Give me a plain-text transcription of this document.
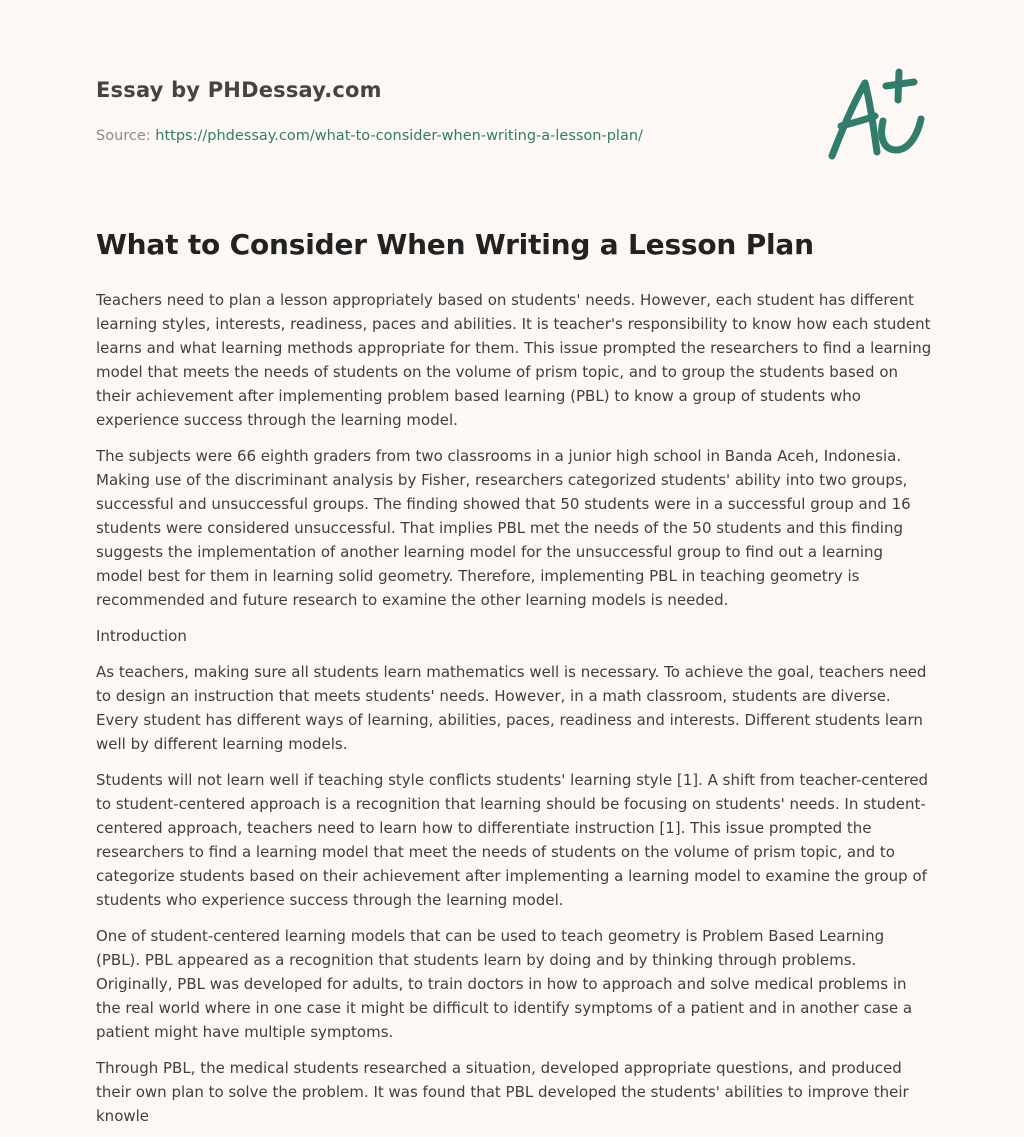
Essay by PHDessay.com
Source: https://phdessay.com/what-to-consider-when-writing-a-lesson-plan/
What to Consider When Writing a Lesson Plan

Teachers need to plan a lesson appropriately based on students' needs. However, each student has different learning styles, interests, readiness, paces and abilities. It is teacher's responsibility to know how each student learns and what learning methods appropriate for them. This issue prompted the researchers to find a learning model that meets the needs of students on the volume of prism topic, and to group the students based on their achievement after implementing problem based learning (PBL) to know a group of students who experience success through the learning model.

The subjects were 66 eighth graders from two classrooms in a junior high school in Banda Aceh, Indonesia. Making use of the discriminant analysis by Fisher, researchers categorized students' ability into two groups, successful and unsuccessful groups. The finding showed that 50 students were in a successful group and 16 students were considered unsuccessful. That implies PBL met the needs of the 50 students and this finding suggests the implementation of another learning model for the unsuccessful group to find out a learning model best for them in learning solid geometry. Therefore, implementing PBL in teaching geometry is recommended and future research to examine the other learning models is needed.

Introduction

As teachers, making sure all students learn mathematics well is necessary. To achieve the goal, teachers need to design an instruction that meets students' needs. However, in a math classroom, students are diverse. Every student has different ways of learning, abilities, paces, readiness and interests. Different students learn well by different learning models.

Students will not learn well if teaching style conflicts students' learning style [1]. A shift from teacher-centered to student-centered approach is a recognition that learning should be focusing on students' needs. In student-centered approach, teachers need to learn how to differentiate instruction [1]. This issue prompted the researchers to find a learning model that meet the needs of students on the volume of prism topic, and to categorize students based on their achievement after implementing a learning model to examine the group of students who experience success through the learning model.

One of student-centered learning models that can be used to teach geometry is Problem Based Learning (PBL). PBL appeared as a recognition that students learn by doing and by thinking through problems. Originally, PBL was developed for adults, to train doctors in how to approach and solve medical problems in the real world where in one case it might be difficult to identify symptoms of a patient and in another case a patient might have multiple symptoms.

Through PBL, the medical students researched a situation, developed appropriate questions, and produced their own plan to solve the problem. It was found that PBL developed the students' abilities to improve their knowle
